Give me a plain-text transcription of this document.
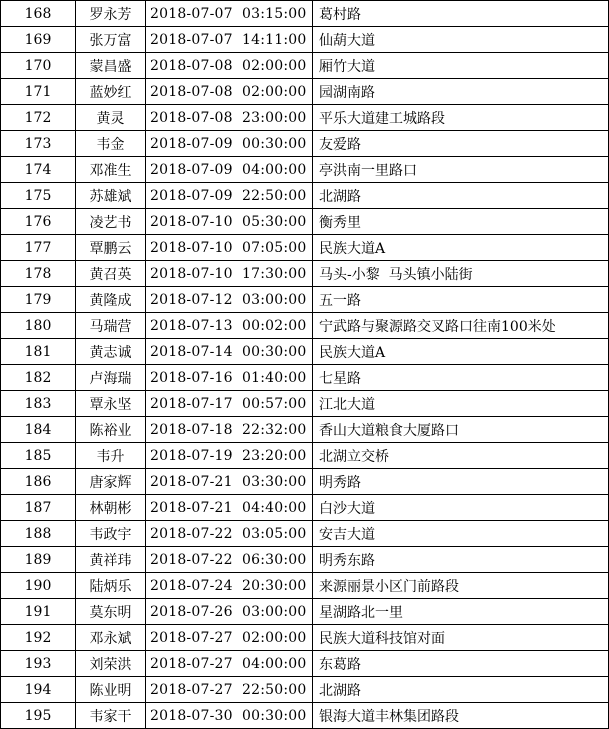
168	罗永芳	2018-07-07  03:15:00	葛村路
169	张万富	2018-07-07  14:11:00	仙葫大道
170	蒙昌盛	2018-07-08  02:00:00	厢竹大道
171	蓝妙红	2018-07-08  02:00:00	园湖南路
172	黄灵	2018-07-08  23:00:00	平乐大道建工城路段
173	韦金	2018-07-09  00:30:00	友爱路
174	邓准生	2018-07-09  04:00:00	亭洪南一里路口
175	苏雄斌	2018-07-09  22:50:00	北湖路
176	凌艺书	2018-07-10  05:30:00	衡秀里
177	覃鹏云	2018-07-10  07:05:00	民族大道A
178	黄召英	2018-07-10  17:30:00	马头-小黎  马头镇小陆街
179	黄隆成	2018-07-12  03:00:00	五一路
180	马瑞营	2018-07-13  00:02:00	宁武路与聚源路交叉路口往南100米处
181	黄志诚	2018-07-14  00:30:00	民族大道A
182	卢海瑞	2018-07-16  01:40:00	七星路
183	覃永坚	2018-07-17  00:57:00	江北大道
184	陈裕业	2018-07-18  22:32:00	香山大道粮食大厦路口
185	韦升	2018-07-19  23:20:00	北湖立交桥
186	唐家辉	2018-07-21  03:30:00	明秀路
187	林朝彬	2018-07-21  04:40:00	白沙大道
188	韦政宇	2018-07-22  03:05:00	安吉大道
189	黄祥玮	2018-07-22  06:30:00	明秀东路
190	陆炳乐	2018-07-24  20:30:00	来源丽景小区门前路段
191	莫东明	2018-07-26  03:00:00	星湖路北一里
192	邓永斌	2018-07-27  02:00:00	民族大道科技馆对面
193	刘荣洪	2018-07-27  04:00:00	东葛路
194	陈业明	2018-07-27  22:50:00	北湖路
195	韦家干	2018-07-30  00:30:00	银海大道丰林集团路段
